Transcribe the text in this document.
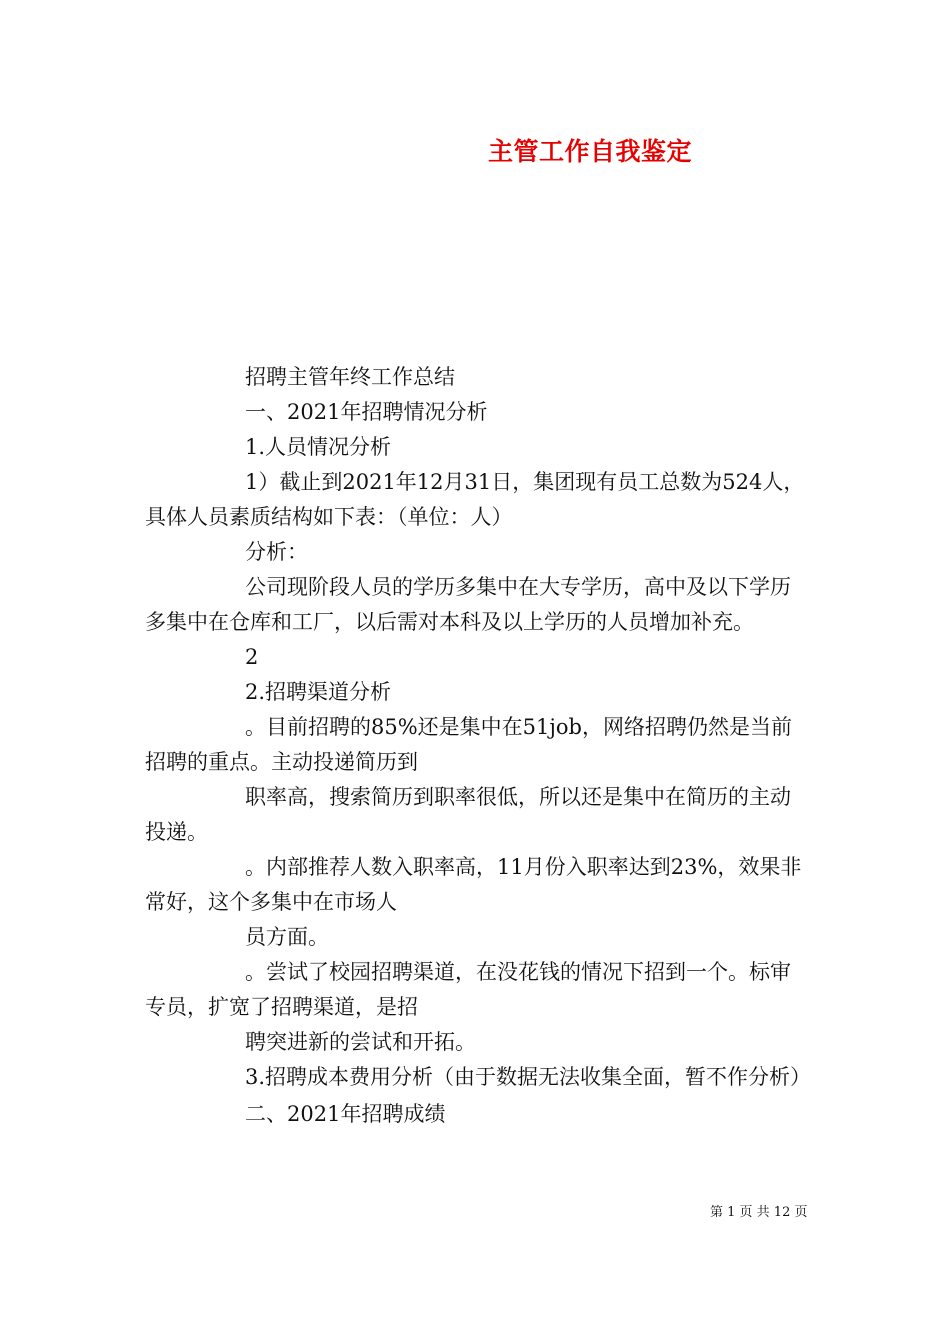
主管工作自我鉴定

招聘主管年终工作总结

一、2021年招聘情况分析

1.人员情况分析

1）截止到2021年12月31日，集团现有员工总数为524人，具体人员素质结构如下表：（单位：人）

分析：

公司现阶段人员的学历多集中在大专学历，高中及以下学历多集中在仓库和工厂，以后需对本科及以上学历的人员增加补充。

2

2.招聘渠道分析

。目前招聘的85%还是集中在51job，网络招聘仍然是当前招聘的重点。主动投递简历到

职率高，搜索简历到职率很低，所以还是集中在简历的主动投递。

。内部推荐人数入职率高，11月份入职率达到23%，效果非常好，这个多集中在市场人

员方面。

。尝试了校园招聘渠道，在没花钱的情况下招到一个。标审专员，扩宽了招聘渠道，是招

聘突进新的尝试和开拓。

3.招聘成本费用分析（由于数据无法收集全面，暂不作分析）

二、2021年招聘成绩

第 1 页 共 12 页
